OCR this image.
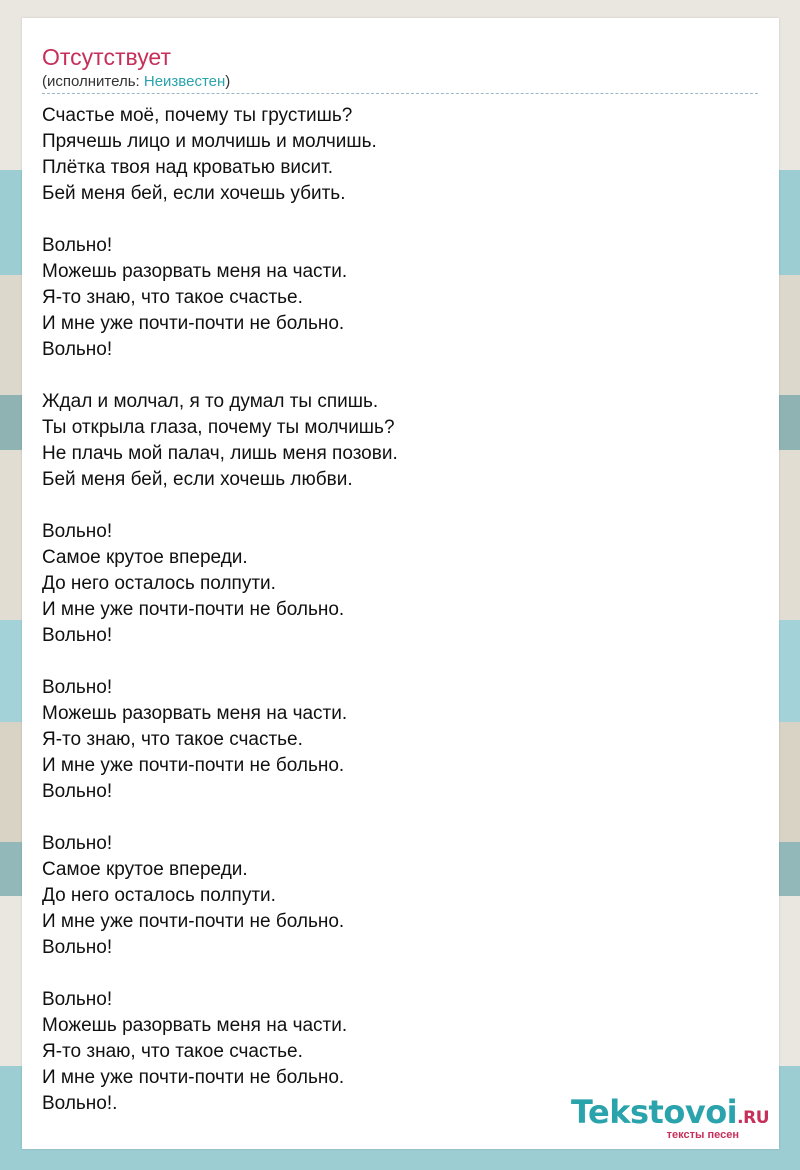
Отсутствует
(исполнитель: Неизвестен)
Счастье моё, почему ты грустишь?
Прячешь лицо и молчишь и молчишь.
Плётка твоя над кроватью висит.
Бей меня бей, если хочешь убить.
Вольно!
Можешь разорвать меня на части.
Я-то знаю, что такое счастье.
И мне уже почти-почти не больно.
Вольно!
Ждал и молчал, я то думал ты спишь.
Ты открыла глаза, почему ты молчишь?
Не плачь мой палач, лишь меня позови.
Бей меня бей, если хочешь любви.
Вольно!
Самое крутое впереди.
До него осталось полпути.
И мне уже почти-почти не больно.
Вольно!
Вольно!
Можешь разорвать меня на части.
Я-то знаю, что такое счастье.
И мне уже почти-почти не больно.
Вольно!
Вольно!
Самое крутое впереди.
До него осталось полпути.
И мне уже почти-почти не больно.
Вольно!
Вольно!
Можешь разорвать меня на части.
Я-то знаю, что такое счастье.
И мне уже почти-почти не больно.
Вольно!.	Tekstovoi.RU
тексты песен
